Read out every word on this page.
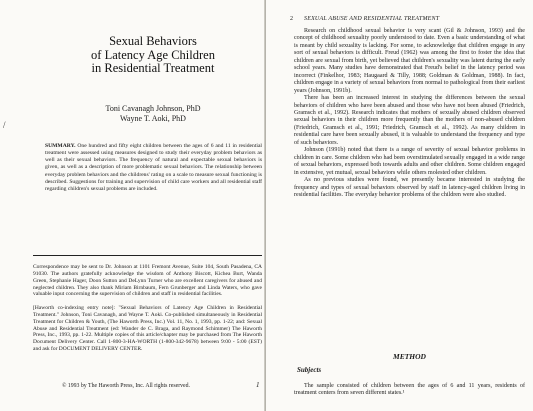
/
Sexual Behaviors
of Latency Age Children
in Residential Treatment
Toni Cavanagh Johnson, PhD
Wayne T. Aoki, PhD
SUMMARY. One hundred and fifty eight children between the ages of 6 and 11 in residential treatment were assessed using measures designed to study their everyday problem behaviors as well as their sexual behaviors. The frequency of natural and expectable sexual behaviors is given, as well as a description of more problematic sexual behaviors. The relationship between everyday problem behaviors and the childrens' rating on a scale to measure sexual functioning is described. Suggestions for training and supervision of child care workers and all residential staff regarding children's sexual problems are included.
Correspondence may be sent to Dr. Johnson at 1101 Fremont Avenue, Suite 104, South Pasadena, CA 91030. The authors gratefully acknowledge the wisdom of Anthony Biscott, Kichea Burt, Wanda Green, Stephanie Hager, Doon Sutton and DeLynn Turner who are excellent caregivers for abused and neglected children. They also thank Miriam Birnbaum, Fern Grunberger and Linda Waters, who gave valuable input concerning the supervision of children and staff in residential facilities.
[Haworth co-indexing entry note]: "Sexual Behaviors of Latency Age Children in Residential Treatment." Johnson, Toni Cavanagh, and Wayne T. Aoki. Co-published simultaneously in Residential Treatment for Children & Youth, (The Haworth Press, Inc.) Vol. 11, No. 1, 1993, pp. 1-22; and: Sexual Abuse and Residential Treatment (ed: Wander de C. Braga, and Raymond Schimmer) The Haworth Press, Inc., 1993, pp. 1-22. Multiple copies of this article/chapter may be purchased from The Haworth Document Delivery Center. Call 1-800-3-HA-WORTH (1-800-342-9678) between 9:00 - 5:00 (EST) and ask for DOCUMENT DELIVERY CENTER.
© 1993 by The Haworth Press, Inc. All rights reserved.	1
2 SEXUAL ABUSE AND RESIDENTIAL TREATMENT

Research on childhood sexual behavior is very scant (Gil & Johnson, 1993) and the concept of childhood sexuality poorly understood to date. Even a basic understanding of what is meant by child sexuality is lacking. For some, to acknowledge that children engage in any sort of sexual behaviors is difficult. Freud (1962) was among the first to foster the idea that children are sexual from birth, yet believed that children's sexuality was latent during the early school years. Many studies have demonstrated that Freud's belief in the latency period was incorrect (Finkelhor, 1983; Haugaard & Tilly, 1988; Goldman & Goldman, 1988). In fact, children engage in a variety of sexual behaviors from normal to pathological from their earliest years (Johnson, 1991b).

There has been an increased interest in studying the differences between the sexual behaviors of children who have been abused and those who have not been abused (Friedrich, Gramsch et al., 1992). Research indicates that mothers of sexually abused children observed sexual behaviors in their children more frequently than the mothers of non-abused children (Friedrich, Gramsch et al., 1991; Friedrich, Gramsch et al., 1992). As many children in residential care have been sexually abused, it is valuable to understand the frequency and type of such behaviors.

Johnson (1991b) noted that there is a range of severity of sexual behavior problems in children in care. Some children who had been overstimulated sexually engaged in a wide range of sexual behaviors, expressed both towards adults and other children. Some children engaged in extensive, yet mutual, sexual behaviors while others molested other children.

As no previous studies were found, we presently became interested in studying the frequency and types of sexual behaviors observed by staff in latency-aged children living in residential facilities. The everyday behavior problems of the children were also studied.

METHOD
Subjects

The sample consisted of children between the ages of 6 and 11 years, residents of treatment centers from seven different states.¹
